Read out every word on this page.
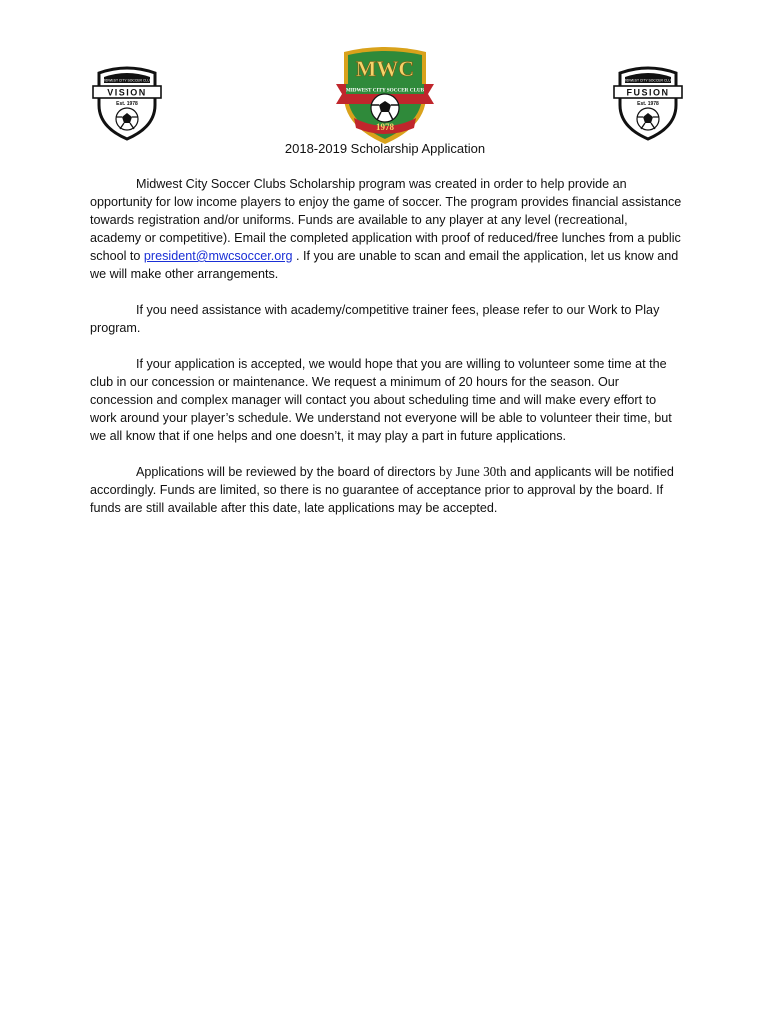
MIDWEST CITY SOCCER CLUB
VISION
Est. 1978
MWC
MIDWEST CITY SOCCER CLUB
1978
MIDWEST CITY SOCCER CLUB
FUSION
Est. 1978
2018-2019 Scholarship Application

Midwest City Soccer Clubs Scholarship program was created in order to help provide an opportunity for low income players to enjoy the game of soccer. The program provides financial assistance towards registration and/or uniforms. Funds are available to any player at any level (recreational, academy or competitive). Email the completed application with proof of reduced/free lunches from a public school to president@mwcsoccer.org . If you are unable to scan and email the application, let us know and we will make other arrangements.

If you need assistance with academy/competitive trainer fees, please refer to our Work to Play program.

If your application is accepted, we would hope that you are willing to volunteer some time at the club in our concession or maintenance. We request a minimum of 20 hours for the season. Our concession and complex manager will contact you about scheduling time and will make every effort to work around your player’s schedule. We understand not everyone will be able to volunteer their time, but we all know that if one helps and one doesn’t, it may play a part in future applications.

Applications will be reviewed by the board of directors by June 30th and applicants will be notified accordingly. Funds are limited, so there is no guarantee of acceptance prior to approval by the board. If funds are still available after this date, late applications may be accepted.
